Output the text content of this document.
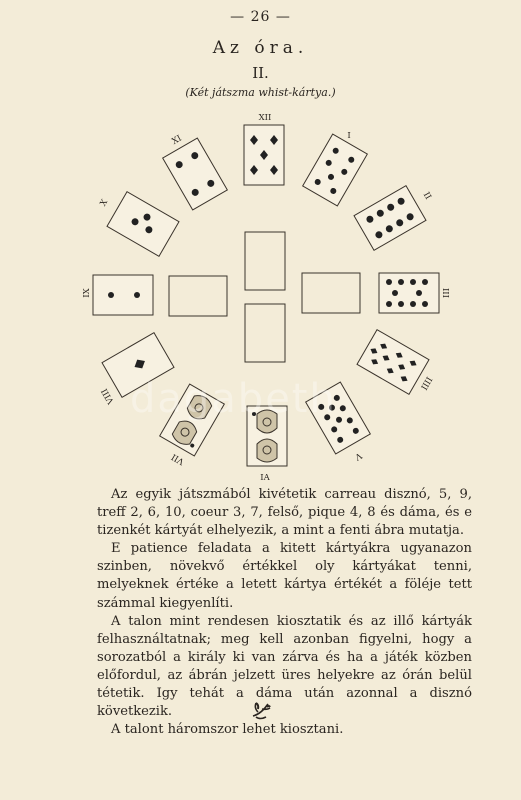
— 26 —
Az óra.
II.
(Két játszma whist-kártya.)
XII
I
II
III
IIII
V
VII
VIII
IX
X
XI
IA

Az egyik játszmából kivétetik carreau disznó, 5, 9, treff 2, 6, 10, coeur 3, 7, felső, pique 4, 8 és dáma, és e tizenkét kártyát elhelyezik, a mint a fenti ábra mutatja.

E patience feladata a kitett kártyákra ugyanazon szinben, növekvő értékkel oly kártyákat tenni, melyeknek értéke a letett kártya értékét a föléje tett számmal kiegyenlíti.

A talon mint rendesen kiosztatik és az illő kártyák felhasználtatnak; meg kell azonban figyelni, hogy a sorozatból a király ki van zárva és ha a játék közben előfordul, az ábrán jelzett üres helyekre az órán belül tétetik. Igy tehát a dáma után azonnal a disznó következik.

A talont háromszor lehet kiosztani.

dagabeth
